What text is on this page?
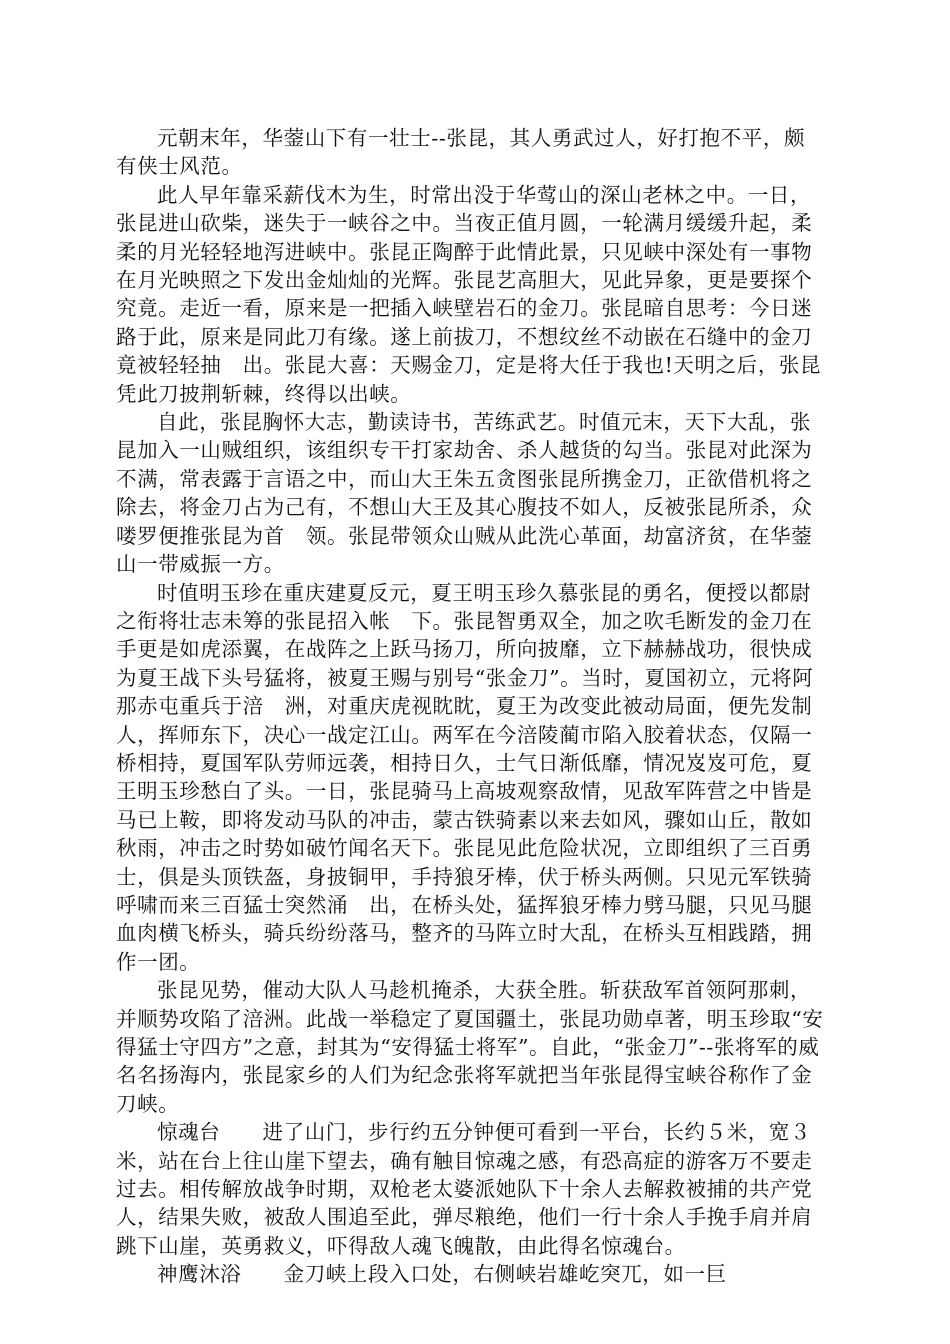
元朝末年，华蓥山下有一壮士--张昆，其人勇武过人，好打抱不平，颇有侠士风范。

此人早年靠采薪伐木为生，时常出没于华莺山的深山老林之中。一日，张昆进山砍柴，迷失于一峡谷之中。当夜正值月圆，一轮满月缓缓升起，柔柔的月光轻轻地泻进峡中。张昆正陶醉于此情此景，只见峡中深处有一事物在月光映照之下发出金灿灿的光辉。张昆艺高胆大，见此异象，更是要探个究竟。走近一看，原来是一把插入峡壁岩石的金刀。张昆暗自思考：今日迷路于此，原来是同此刀有缘。遂上前拔刀，不想纹丝不动嵌在石缝中的金刀竟被轻轻抽　出。张昆大喜：天赐金刀，定是将大任于我也!天明之后，张昆凭此刀披荆斩棘，终得以出峡。

自此，张昆胸怀大志，勤读诗书，苦练武艺。时值元末，天下大乱，张昆加入一山贼组织，该组织专干打家劫舍、杀人越货的勾当。张昆对此深为不满，常表露于言语之中，而山大王朱五贪图张昆所携金刀，正欲借机将之除去，将金刀占为己有，不想山大王及其心腹技不如人，反被张昆所杀，众喽罗便推张昆为首　领。张昆带领众山贼从此洗心革面，劫富济贫，在华蓥山一带威振一方。

时值明玉珍在重庆建夏反元，夏王明玉珍久慕张昆的勇名，便授以都尉之衔将壮志未筹的张昆招入帐　下。张昆智勇双全，加之吹毛断发的金刀在手更是如虎添翼，在战阵之上跃马扬刀，所向披靡，立下赫赫战功，很快成为夏王战下头号猛将，被夏王赐与别号“张金刀”。当时，夏国初立，元将阿那赤屯重兵于涪　洲，对重庆虎视眈眈，夏王为改变此被动局面，便先发制人，挥师东下，决心一战定江山。两军在今涪陵蔺市陷入胶着状态，仅隔一桥相持，夏国军队劳师远袭，相持日久，士气日渐低靡，情况岌岌可危，夏王明玉珍愁白了头。一日，张昆骑马上高坡观察敌情，见敌军阵营之中皆是马已上鞍，即将发动马队的冲击，蒙古铁骑素以来去如风，骤如山丘，散如秋雨，冲击之时势如破竹闻名天下。张昆见此危险状况，立即组织了三百勇士，俱是头顶铁盔，身披铜甲，手持狼牙棒，伏于桥头两侧。只见元军铁骑呼啸而来三百猛士突然涌　出，在桥头处，猛挥狼牙棒力劈马腿，只见马腿血肉横飞桥头，骑兵纷纷落马，整齐的马阵立时大乱，在桥头互相践踏，拥作一团。

张昆见势，催动大队人马趁机掩杀，大获全胜。斩获敌军首领阿那刺，并顺势攻陷了涪洲。此战一举稳定了夏国疆土，张昆功勋卓著，明玉珍取“安得猛士守四方”之意，封其为“安得猛士将军”。自此，“张金刀”--张将军的威名名扬海内，张昆家乡的人们为纪念张将军就把当年张昆得宝峡谷称作了金刀峡。

惊魂台　　进了山门，步行约五分钟便可看到一平台，长约５米，宽３米，站在台上往山崖下望去，确有触目惊魂之感，有恐高症的游客万不要走过去。相传解放战争时期，双枪老太婆派她队下十余人去解救被捕的共产党人，结果失败，被敌人围追至此，弹尽粮绝，他们一行十余人手挽手肩并肩跳下山崖，英勇救义，吓得敌人魂飞魄散，由此得名惊魂台。

神鹰沐浴　　金刀峡上段入口处，右侧峡岩雄屹突兀，如一巨
